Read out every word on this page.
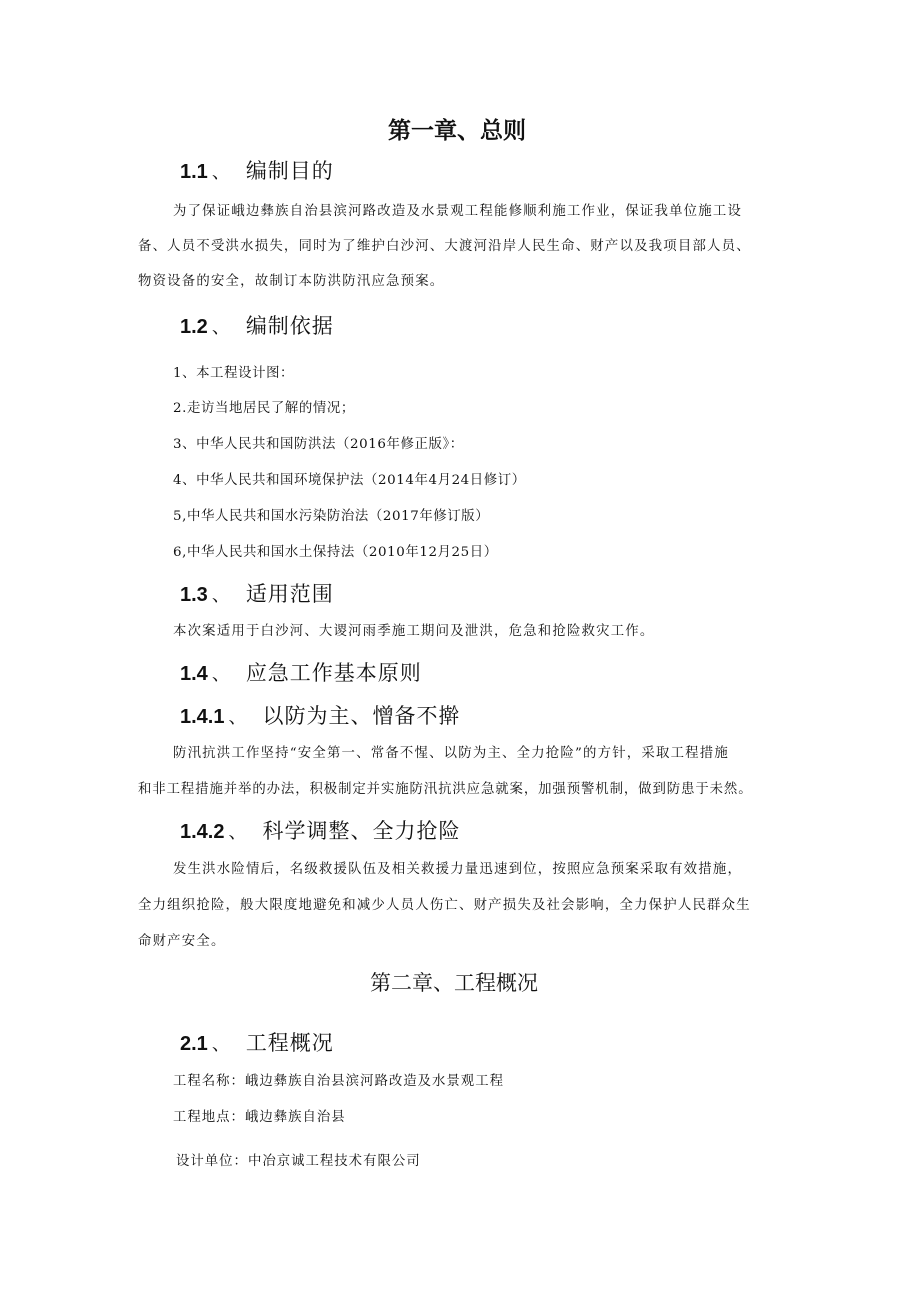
第一章、总则
1.1 、 编制目的
为了保证峨边彝族自治县滨河路改造及水景观工程能修顺利施工作业，保证我单位施工设
备、人员不受洪水损失，同时为了维护白沙河、大渡河沿岸人民生命、财产以及我项目部人员、
物资设备的安全，故制订本防洪防汛应急预案。
1.2 、 编制依据
1、本工程设计图：
2.走访当地居民了解的情况；
3、中华人民共和国防洪法（2016年修正版》：
4、中华人民共和国环境保护法（2014年4月24日修订）
5,中华人民共和国水污染防治法（2017年修订版）
6,中华人民共和国水土保持法（2010年12月25日）
1.3 、 适用范围
本次案适用于白沙河、大谡河雨季施工期问及泄洪，危急和抢险救灾工作。
1.4 、 应急工作基本原则
1.4.1 、 以防为主、憎备不擀
防汛抗洪工作坚持“安全第一、常备不惺、以防为主、全力抢险”的方针，采取工程措施
和非工程措施并举的办法，积极制定并实施防汛抗洪应急就案，加强预警机制，做到防患于未然。
1.4.2 、 科学调整、全力抢险
发生洪水险情后，名级救援队伍及相关救援力量迅速到位，按照应急预案采取有效措施，
全力组织抢险，般大限度地避免和减少人员人伤亡、财产损失及社会影响，全力保护人民群众生
命财产安全。
第二章、工程概况
2.1 、 工程概况
工程名称：峨边彝族自治县滨河路改造及水景观工程
工程地点：峨边彝族自治县
设计单位：中冶京诚工程技术有限公司
